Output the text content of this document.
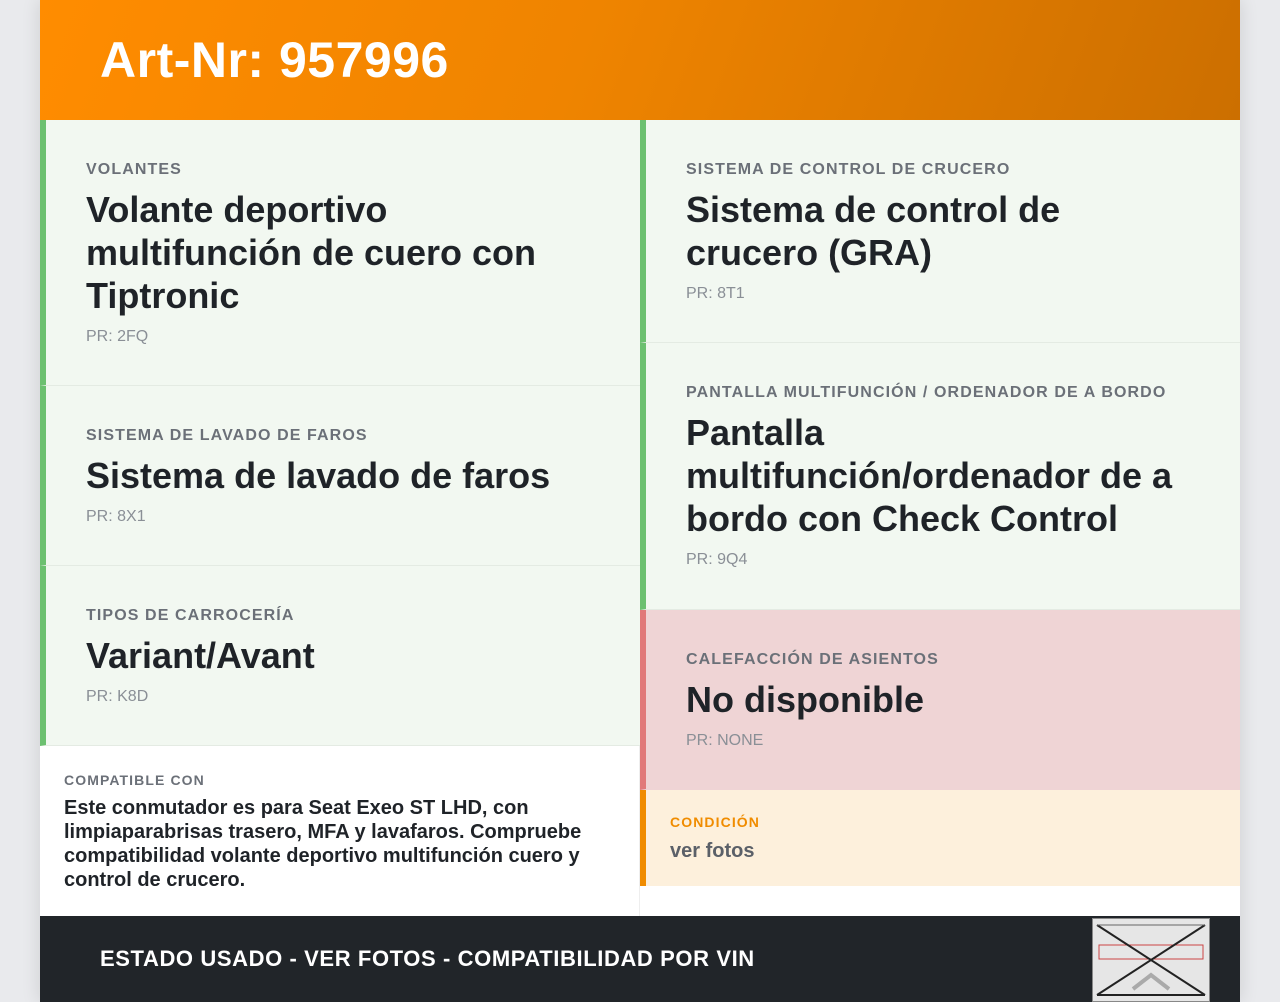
Art-Nr: 957996
VOLANTES
Volante deportivo multifunción de cuero con Tiptronic
PR: 2FQ
SISTEMA DE LAVADO DE FAROS
Sistema de lavado de faros
PR: 8X1
TIPOS DE CARROCERÍA
Variant/Avant
PR: K8D
COMPATIBLE CON
Este conmutador es para Seat Exeo ST LHD, con limpiaparabrisas trasero, MFA y lavafaros. Compruebe compatibilidad volante deportivo multifunción cuero y control de crucero.
SISTEMA DE CONTROL DE CRUCERO
Sistema de control de crucero (GRA)
PR: 8T1
PANTALLA MULTIFUNCIÓN / ORDENADOR DE A BORDO
Pantalla multifunción/ordenador de a bordo con Check Control
PR: 9Q4
CALEFACCIÓN DE ASIENTOS
No disponible
PR: NONE
CONDICIÓN
ver fotos
ESTADO USADO - VER FOTOS - COMPATIBILIDAD POR VIN
